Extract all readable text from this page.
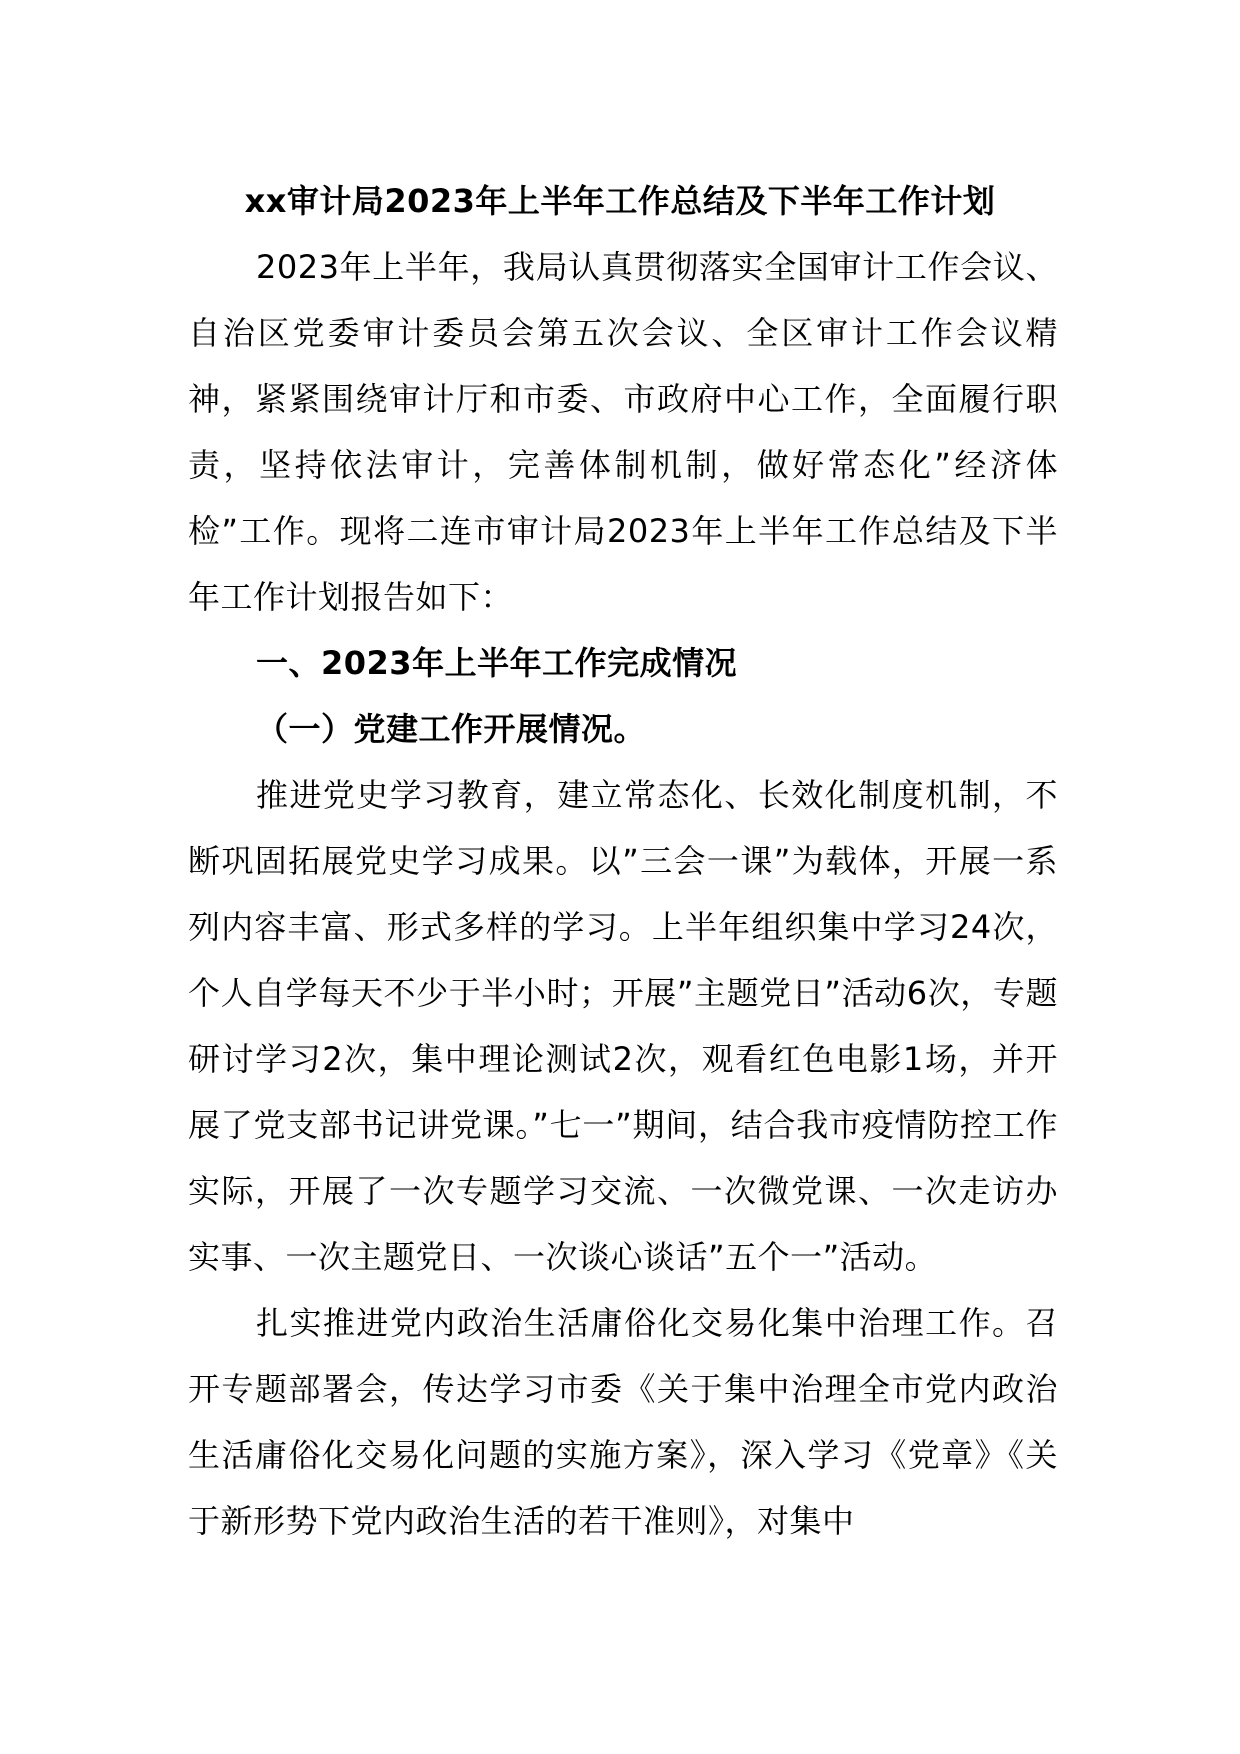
xx审计局2023年上半年工作总结及下半年工作计划

2023年上半年，我局认真贯彻落实全国审计工作会议、自治区党委审计委员会第五次会议、全区审计工作会议精神，紧紧围绕审计厅和市委、市政府中心工作，全面履行职责，坚持依法审计，完善体制机制，做好常态化”经济体检”工作。现将二连市审计局2023年上半年工作总结及下半年工作计划报告如下：

一、2023年上半年工作完成情况

（一）党建工作开展情况。

推进党史学习教育，建立常态化、长效化制度机制，不断巩固拓展党史学习成果。以”三会一课”为载体，开展一系列内容丰富、形式多样的学习。上半年组织集中学习24次，个人自学每天不少于半小时；开展”主题党日”活动6次，专题研讨学习2次，集中理论测试2次，观看红色电影1场，并开展了党支部书记讲党课。”七一”期间，结合我市疫情防控工作实际，开展了一次专题学习交流、一次微党课、一次走访办实事、一次主题党日、一次谈心谈话”五个一”活动。

扎实推进党内政治生活庸俗化交易化集中治理工作。召开专题部署会，传达学习市委《关于集中治理全市党内政治生活庸俗化交易化问题的实施方案》，深入学习《党章》《关于新形势下党内政治生活的若干准则》，对集中
